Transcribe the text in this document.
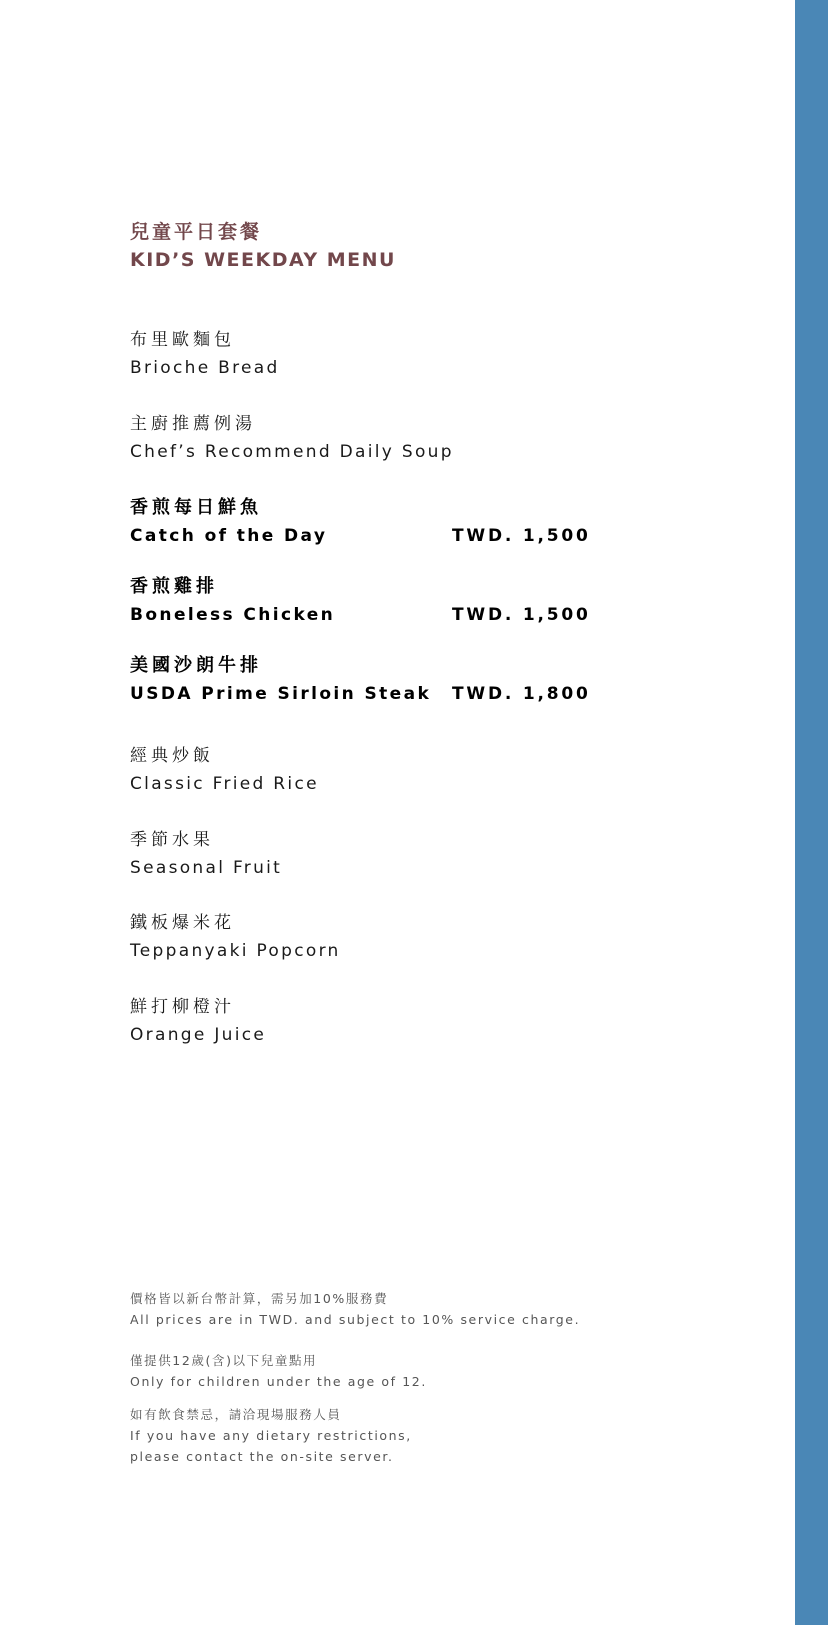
兒童平日套餐
KID’S WEEKDAY MENU
布里歐麵包
Brioche Bread
主廚推薦例湯
Chef’s Recommend Daily Soup
香煎每日鮮魚
Catch of the Day	TWD. 1,500
香煎雞排
Boneless Chicken	TWD. 1,500
美國沙朗牛排
USDA Prime Sirloin Steak	TWD. 1,800
經典炒飯
Classic Fried Rice
季節水果
Seasonal Fruit
鐵板爆米花
Teppanyaki Popcorn
鮮打柳橙汁
Orange Juice
價格皆以新台幣計算，需另加10%服務費
All prices are in TWD. and subject to 10% service charge.
僅提供12歲(含)以下兒童點用
Only for children under the age of 12.
如有飲食禁忌，請洽現場服務人員
If you have any dietary restrictions,
please contact the on-site server.
